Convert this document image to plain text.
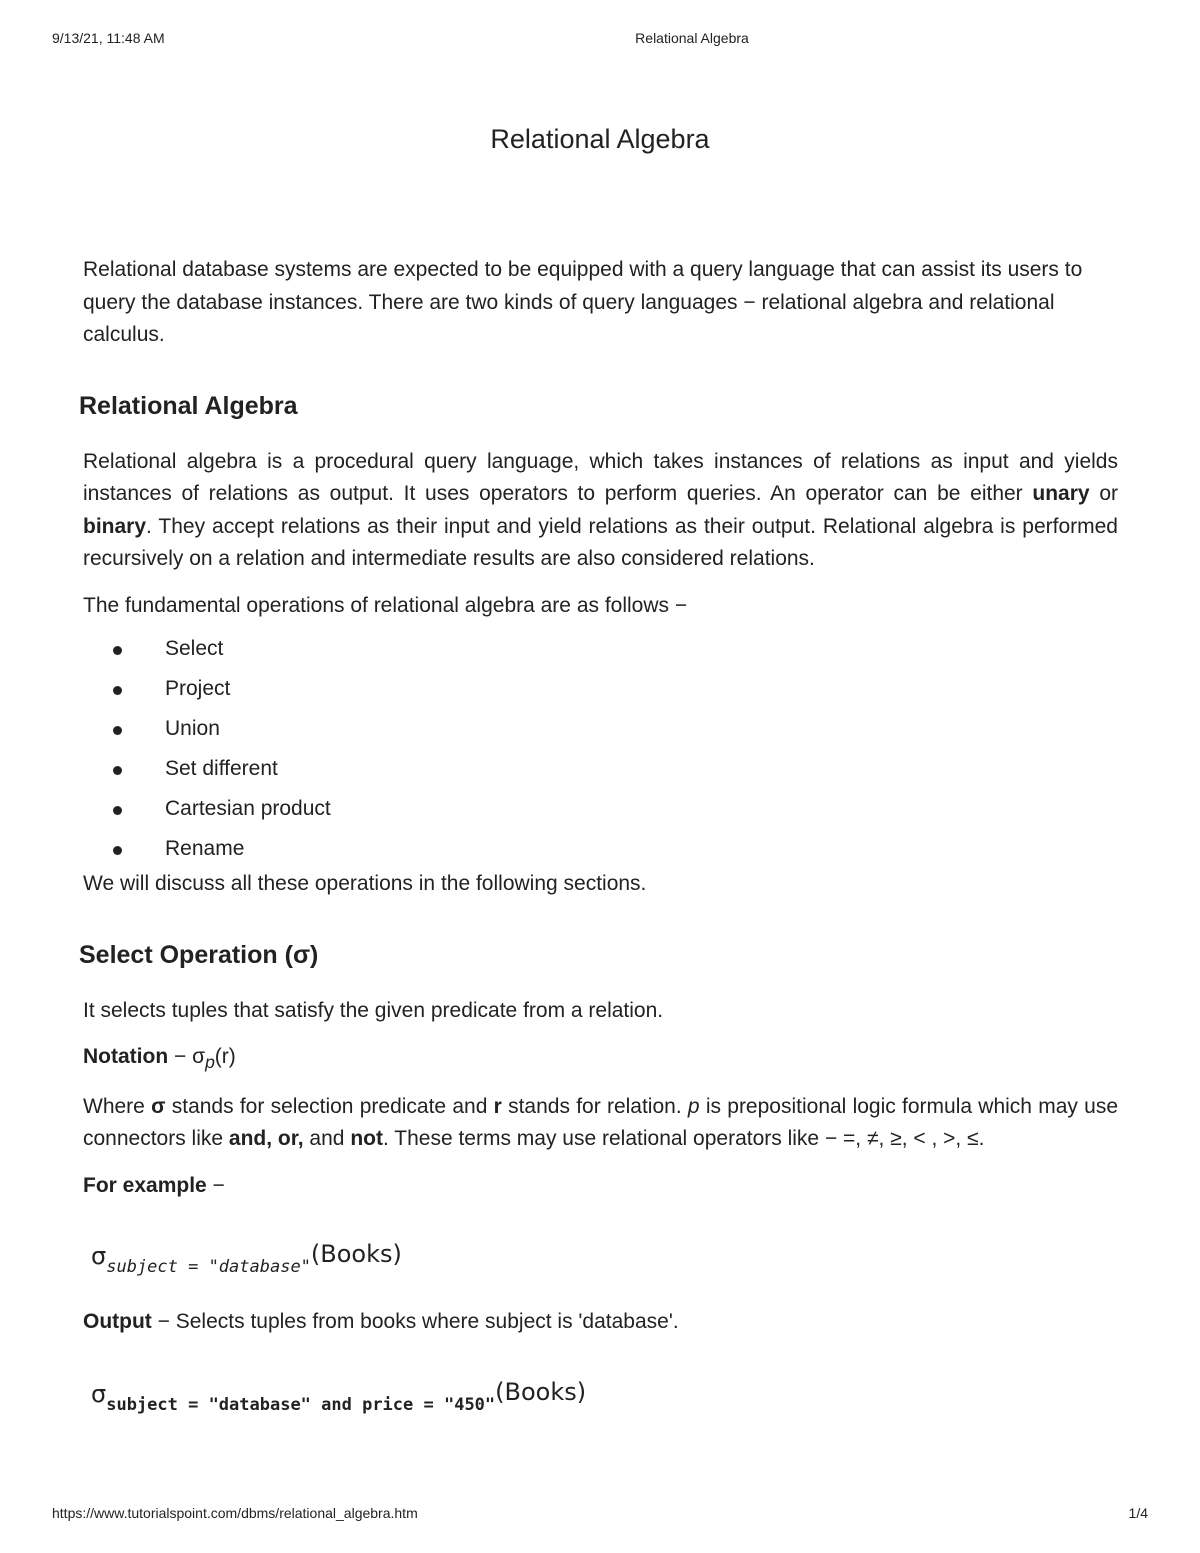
9/13/21, 11:48 AM	Relational Algebra
Relational Algebra

Relational database systems are expected to be equipped with a query language that can assist its users to query the database instances. There are two kinds of query languages − relational algebra and relational calculus.

Relational Algebra

Relational algebra is a procedural query language, which takes instances of relations as input and yields instances of relations as output. It uses operators to perform queries. An operator can be either unary or binary. They accept relations as their input and yield relations as their output. Relational algebra is performed recursively on a relation and intermediate results are also considered relations.

The fundamental operations of relational algebra are as follows −

Select
Project
Union
Set different
Cartesian product
Rename

We will discuss all these operations in the following sections.

Select Operation (σ)

It selects tuples that satisfy the given predicate from a relation.

Notation − $\sigma_p(r)$

Where σ stands for selection predicate and r stands for relation. p is prepositional logic formula which may use connectors like and, or, and not. These terms may use relational operators like − =, ≠, ≥, < , >, ≤.

For example −

$\sigma_{subject = "database"}(Books)$

Output − Selects tuples from books where subject is 'database'.

$\sigma_{subject = "database" and price = "450"}(Books)$
https://www.tutorialspoint.com/dbms/relational_algebra.htm	1/4
